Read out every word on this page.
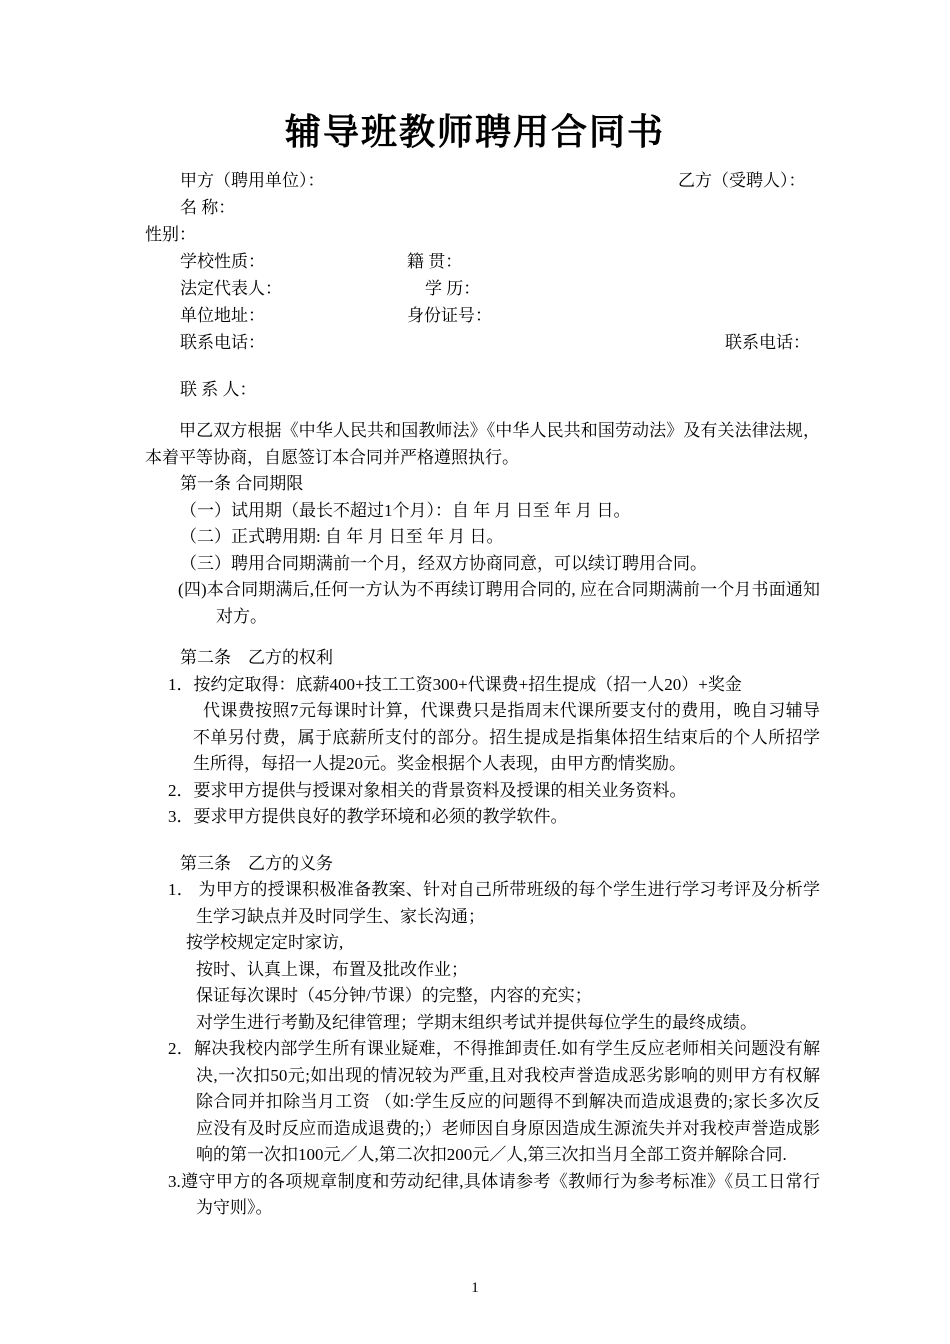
辅导班教师聘用合同书
甲方（聘用单位）：	乙方（受聘人）：
名 称：
性别：
学校性质：	籍 贯：
法定代表人：	学 历：
单位地址：	身份证号：
联系电话：	联系电话：
联 系 人：

甲乙双方根据《中华人民共和国教师法》《中华人民共和国劳动法》及有关法律法规，本着平等协商，自愿签订本合同并严格遵照执行。

第一条 合同期限

（一）试用期（最长不超过1个月）：自 年 月 日至 年 月 日。

（二）正式聘用期: 自 年 月 日至 年 月 日。

（三）聘用合同期满前一个月，经双方协商同意，可以续订聘用合同。

(四)本合同期满后,任何一方认为不再续订聘用合同的, 应在合同期满前一个月书面通知对方。

第二条　乙方的权利

1．按约定取得：底薪400+技工工资300+代课费+招生提成（招一人20）+奖金

代课费按照7元每课时计算，代课费只是指周末代课所要支付的费用，晚自习辅导不单另付费，属于底薪所支付的部分。招生提成是指集体招生结束后的个人所招学生所得，每招一人提20元。奖金根据个人表现，由甲方酌情奖励。

2．要求甲方提供与授课对象相关的背景资料及授课的相关业务资料。

3．要求甲方提供良好的教学环境和必须的教学软件。

第三条　乙方的义务

1． 为甲方的授课积极准备教案、针对自己所带班级的每个学生进行学习考评及分析学生学习缺点并及时同学生、家长沟通；

按学校规定定时家访,

按时、认真上课，布置及批改作业；

保证每次课时（45分钟/节课）的完整，内容的充实；

对学生进行考勤及纪律管理；学期末组织考试并提供每位学生的最终成绩。

2．解决我校内部学生所有课业疑难，不得推卸责任.如有学生反应老师相关问题没有解决,一次扣50元;如出现的情况较为严重,且对我校声誉造成恶劣影响的则甲方有权解除合同并扣除当月工资 （如:学生反应的问题得不到解决而造成退费的;家长多次反应没有及时反应而造成退费的;）老师因自身原因造成生源流失并对我校声誉造成影响的第一次扣100元／人,第二次扣200元／人,第三次扣当月全部工资并解除合同.

3.遵守甲方的各项规章制度和劳动纪律,具体请参考《教师行为参考标准》《员工日常行为守则》。

1
